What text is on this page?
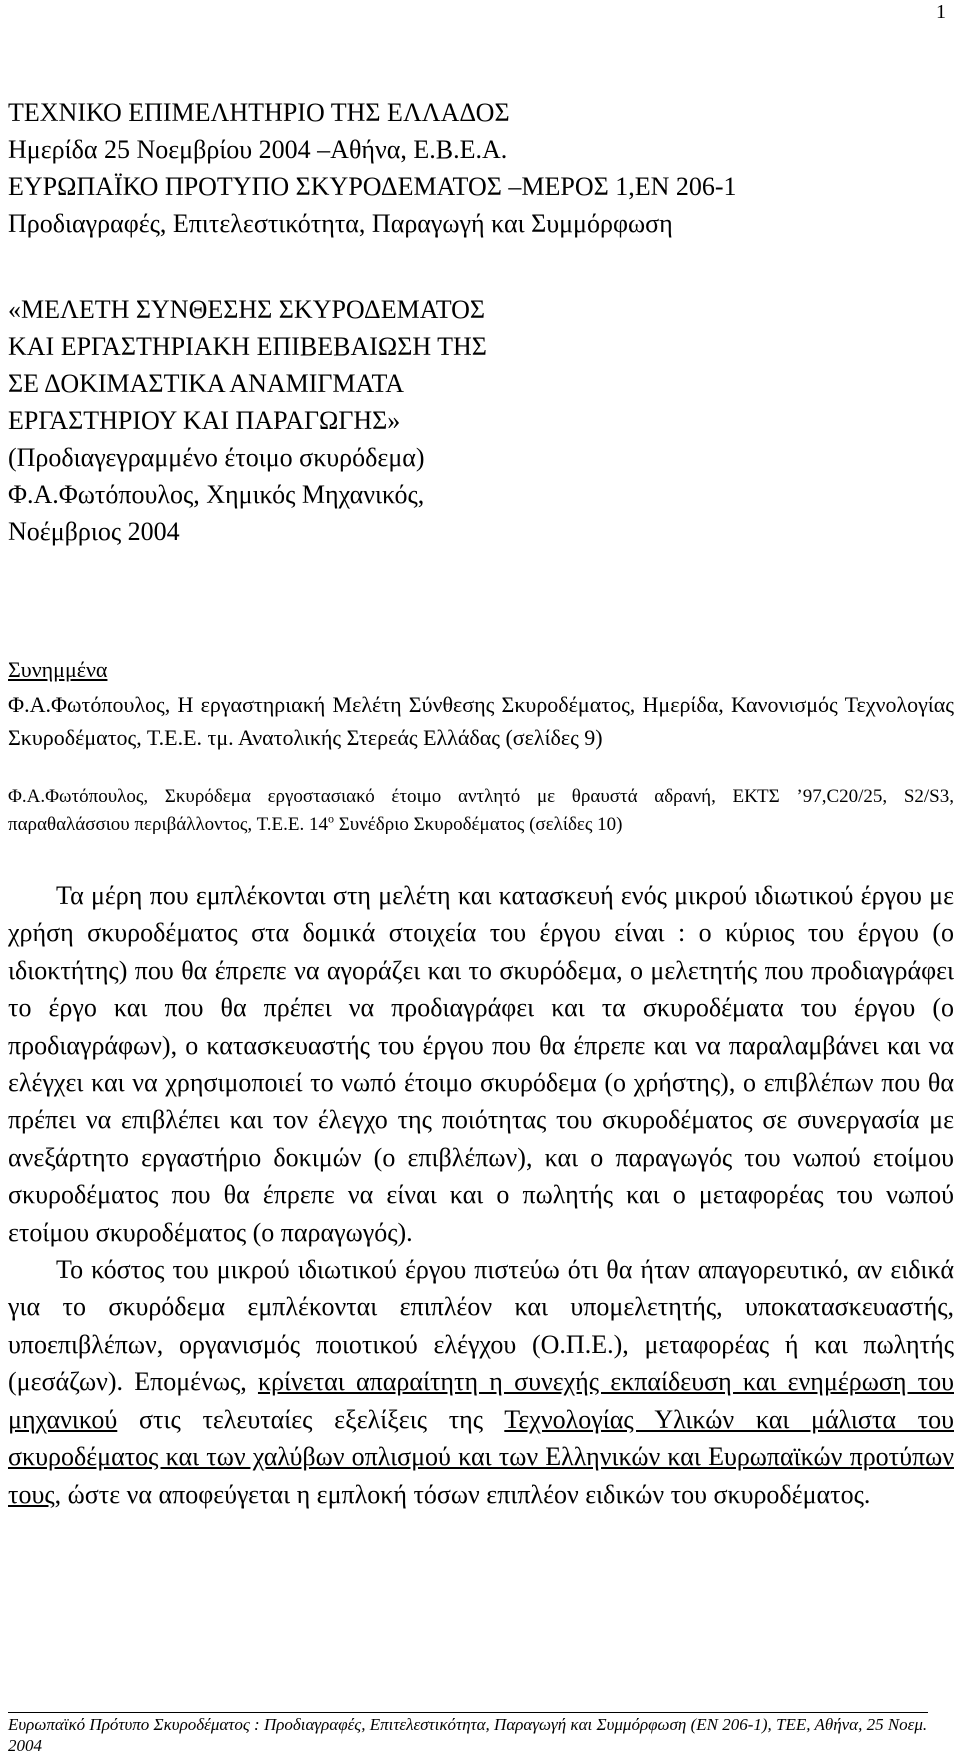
1
ΤΕΧΝΙΚΟ ΕΠΙΜΕΛΗΤΗΡΙΟ ΤΗΣ ΕΛΛΑΔΟΣ
Ημερίδα 25 Νοεμβρίου 2004 –Αθήνα, Ε.Β.Ε.Α.
ΕΥΡΩΠΑΪΚΟ ΠΡΟΤΥΠΟ ΣΚΥΡΟΔΕΜΑΤΟΣ –ΜΕΡΟΣ 1,ΕΝ 206-1
Προδιαγραφές, Επιτελεστικότητα, Παραγωγή και Συμμόρφωση
«ΜΕΛΕΤΗ ΣΥΝΘΕΣΗΣ ΣΚΥΡΟΔΕΜΑΤΟΣ
ΚΑΙ ΕΡΓΑΣΤΗΡΙΑΚΗ ΕΠΙΒΕΒΑΙΩΣΗ ΤΗΣ
ΣΕ ΔΟΚΙΜΑΣΤΙΚΑ ΑΝΑΜΙΓΜΑΤΑ
ΕΡΓΑΣΤΗΡΙΟΥ ΚΑΙ ΠΑΡΑΓΩΓΗΣ»
(Προδιαγεγραμμένο έτοιμο σκυρόδεμα)
Φ.Α.Φωτόπουλος, Χημικός Μηχανικός,
Νοέμβριος 2004
Συνημμένα
Φ.Α.Φωτόπουλος, Η εργαστηριακή Μελέτη Σύνθεσης Σκυροδέματος, Ημερίδα, Κανονισμός Τεχνολογίας Σκυροδέματος, Τ.Ε.Ε. τμ. Ανατολικής Στερεάς Ελλάδας (σελίδες 9)
Φ.Α.Φωτόπουλος, Σκυρόδεμα εργοστασιακό έτοιμο αντλητό με θραυστά αδρανή, ΕΚΤΣ ’97,C20/25, S2/S3, παραθαλάσσιου περιβάλλοντος, Τ.Ε.Ε. $14^o$ Συνέδριο Σκυροδέματος (σελίδες 10)

Τα μέρη που εμπλέκονται στη μελέτη και κατασκευή ενός μικρού ιδιωτικού έργου με χρήση σκυροδέματος στα δομικά στοιχεία του έργου είναι : ο κύριος του έργου (ο ιδιοκτήτης) που θα έπρεπε να αγοράζει και το σκυρόδεμα, ο μελετητής που προδιαγράφει το έργο και που θα πρέπει να προδιαγράφει και τα σκυροδέματα του έργου (ο προδιαγράφων), ο κατασκευαστής του έργου που θα έπρεπε και να παραλαμβάνει και να ελέγχει και να χρησιμοποιεί το νωπό έτοιμο σκυρόδεμα (ο χρήστης), ο επιβλέπων που θα πρέπει να επιβλέπει και τον έλεγχο της ποιότητας του σκυροδέματος σε συνεργασία με ανεξάρτητο εργαστήριο δοκιμών (ο επιβλέπων), και ο παραγωγός του νωπού ετοίμου σκυροδέματος που θα έπρεπε να είναι και ο πωλητής και ο μεταφορέας του νωπού ετοίμου σκυροδέματος (ο παραγωγός).

Το κόστος του μικρού ιδιωτικού έργου πιστεύω ότι θα ήταν απαγορευτικό, αν ειδικά για το σκυρόδεμα εμπλέκονται επιπλέον και υπομελετητής, υποκατασκευαστής, υποεπιβλέπων, οργανισμός ποιοτικού ελέγχου (Ο.Π.Ε.), μεταφορέας ή και πωλητής (μεσάζων). Επομένως, κρίνεται απαραίτητη η συνεχής εκπαίδευση και ενημέρωση του μηχανικού στις τελευταίες εξελίξεις της Τεχνολογίας Υλικών και μάλιστα του σκυροδέματος και των χαλύβων οπλισμού και των Ελληνικών και Ευρωπαϊκών προτύπων τους, ώστε να αποφεύγεται η εμπλοκή τόσων επιπλέον ειδικών του σκυροδέματος.

Ευρωπαϊκό Πρότυπο Σκυροδέματος : Προδιαγραφές, Επιτελεστικότητα, Παραγωγή και Συμμόρφωση (ΕΝ 206-1), ΤΕΕ, Αθήνα, 25 Νοεμ. 2004
